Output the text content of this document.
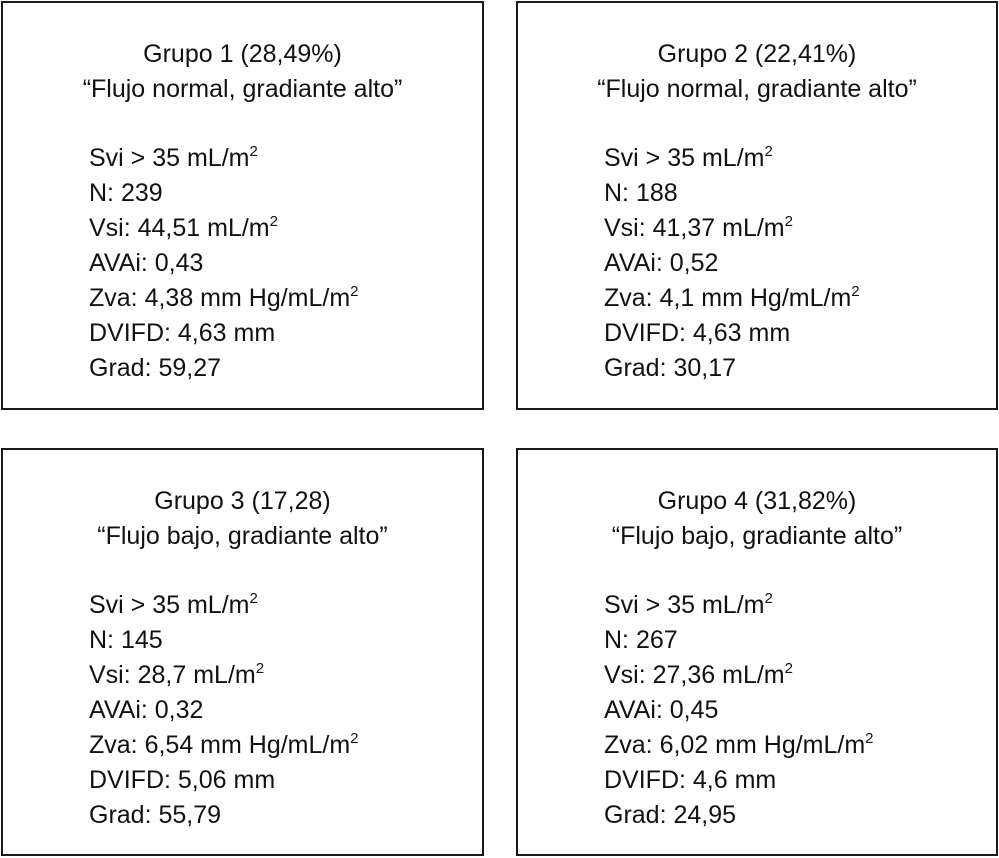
Grupo 1 (28,49%)
“Flujo normal, gradiante alto”
Svi > 35 $mL/m^2$
N: 239
Vsi: 44,51 $mL/m^2$
AVAi: 0,43
Zva: 4,38 mm $Hg/mL/m^2$
DVIFD: 4,63 mm
Grad: 59,27
Grupo 2 (22,41%)
“Flujo normal, gradiante alto”
Svi > 35 $mL/m^2$
N: 188
Vsi: 41,37 $mL/m^2$
AVAi: 0,52
Zva: 4,1 mm $Hg/mL/m^2$
DVIFD: 4,63 mm
Grad: 30,17
Grupo 3 (17,28)
“Flujo bajo, gradiante alto”
Svi > 35 $mL/m^2$
N: 145
Vsi: 28,7 $mL/m^2$
AVAi: 0,32
Zva: 6,54 mm $Hg/mL/m^2$
DVIFD: 5,06 mm
Grad: 55,79
Grupo 4 (31,82%)
“Flujo bajo, gradiante alto”
Svi > 35 $mL/m^2$
N: 267
Vsi: 27,36 $mL/m^2$
AVAi: 0,45
Zva: 6,02 mm $Hg/mL/m^2$
DVIFD: 4,6 mm
Grad: 24,95
